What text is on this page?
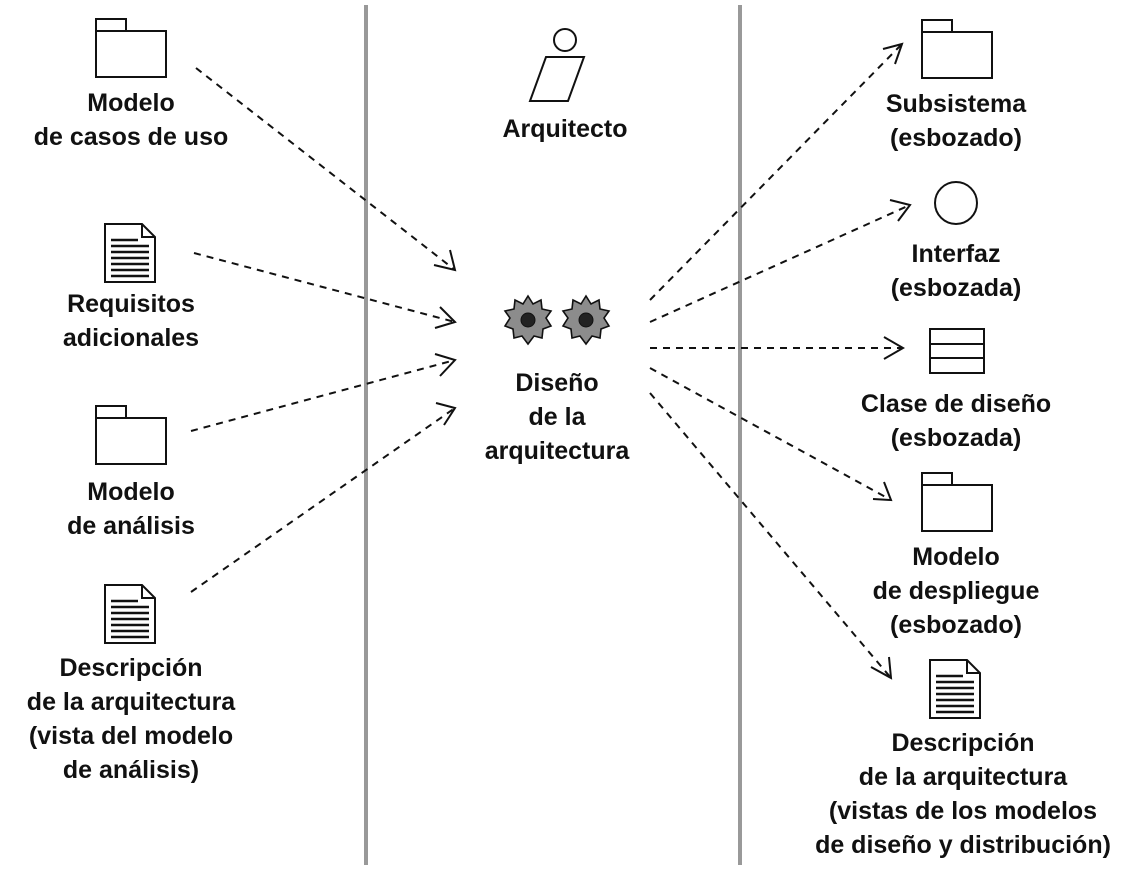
Arquitecto
Diseño
de la
arquitectura
Modelo
de casos de uso
Requisitos
adicionales
Modelo
de análisis
Descripción
de la arquitectura
(vista del modelo
de análisis)
Subsistema
(esbozado)
Interfaz
(esbozada)
Clase de diseño
(esbozada)
Modelo
de despliegue
(esbozado)
Descripción
de la arquitectura
(vistas de los modelos
de diseño y distribución)
